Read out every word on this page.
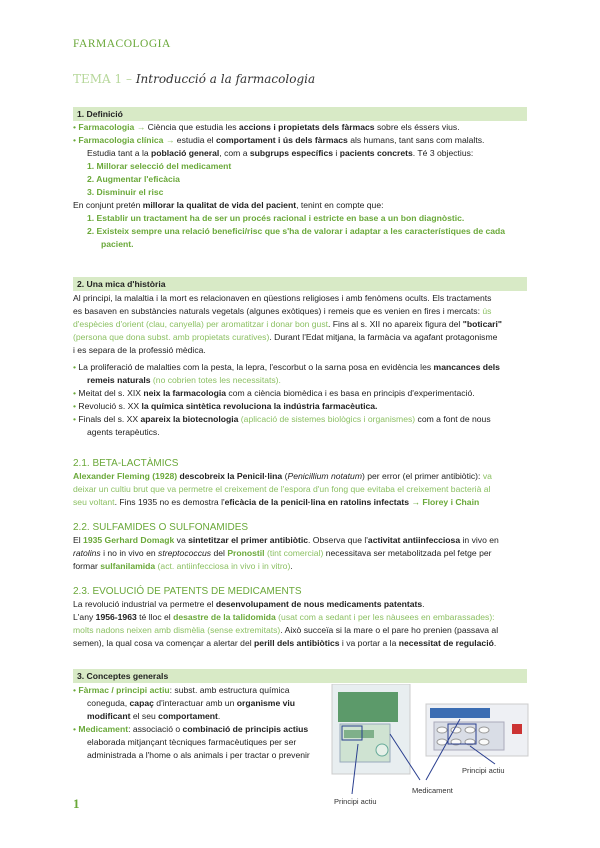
FARMACOLOGIA
TEMA 1 – Introducció a la farmacologia
1. Definició
• Farmacologia → Ciència que estudia les accions i propietats dels fàrmacs sobre els éssers vius.
• Farmacologia clínica → estudia el comportament i ús dels fàrmacs als humans, tant sans com malalts.
Estudia tant a la població general, com a subgrups específics i pacients concrets. Té 3 objectius:
1. Millorar selecció del medicament
2. Augmentar l'eficàcia
3. Disminuir el risc
En conjunt pretén millorar la qualitat de vida del pacient, tenint en compte que:
1. Establir un tractament ha de ser un procés racional i estricte en base a un bon diagnòstic.
2. Existeix sempre una relació benefici/risc que s'ha de valorar i adaptar a les característiques de cada
pacient.
2. Una mica d'història
Al principi, la malaltia i la mort es relacionaven en qüestions religioses i amb fenòmens ocults. Els tractaments
es basaven en substàncies naturals vegetals (algunes exòtiques) i remeis que es venien en fires i mercats: ús
d'espècies d'orient (clau, canyella) per aromatitzar i donar bon gust. Fins al s. XII no apareix figura del "boticari"
(persona que dona subst. amb propietats curatives). Durant l'Edat mitjana, la farmàcia va agafant protagonisme
i es separa de la professió mèdica.
• La proliferació de malalties com la pesta, la lepra, l'escorbut o la sarna posa en evidència les mancances dels
remeis naturals (no cobrien totes les necessitats).
• Meitat del s. XIX neix la farmacologia com a ciència biomèdica i es basa en principis d'experimentació.
• Revolució s. XX la química sintètica revoluciona la indústria farmacèutica.
• Finals del s. XX apareix la biotecnologia (aplicació de sistemes biològics i organismes) com a font de nous
agents terapèutics.
2.1. BETA-LACTÀMICS
Alexander Fleming (1928) descobreix la Penicil·lina (Penicillium notatum) per error (el primer antibiòtic): va
deixar un cultiu brut que va permetre el creixement de l'espora d'un fong que evitaba el creixement bacterià al
seu voltant. Fins 1935 no es demostra l'eficàcia de la penicil·lina en ratolins infectats → Florey i Chain
2.2. SULFAMIDES O SULFONAMIDES
El 1935 Gerhard Domagk va sintetitzar el primer antibiòtic. Observa que l'activitat antiinfecciosa in vivo en
ratolins i no in vivo en streptococcus del Pronostil (tint comercial) necessitava ser metabolitzada pel fetge per
formar sulfanilamida (act. antiinfecciosa in vivo i in vitro).
2.3. EVOLUCIÓ DE PATENTS DE MEDICAMENTS
La revolució industrial va permetre el desenvolupament de nous medicaments patentats.
L'any 1956-1963 té lloc el desastre de la talidomida (usat com a sedant i per les nàusees en embarassades):
molts nadons neixen amb dismèlia (sense extremitats). Això succeïa si la mare o el pare ho prenien (passava al
semen), la qual cosa va començar a alertar del perill dels antibiòtics i va portar a la necessitat de regulació.
3. Conceptes generals
• Fàrmac / principi actiu: subst. amb estructura química
coneguda, capaç d'interactuar amb un organisme viu
modificant el seu comportament.
• Medicament: associació o combinació de principis actius
elaborada mitjançant tècniques farmacèutiques per ser
administrada a l'home o als animals i per tractar o prevenir
Principi actiu
Medicament
Principi actiu
1
